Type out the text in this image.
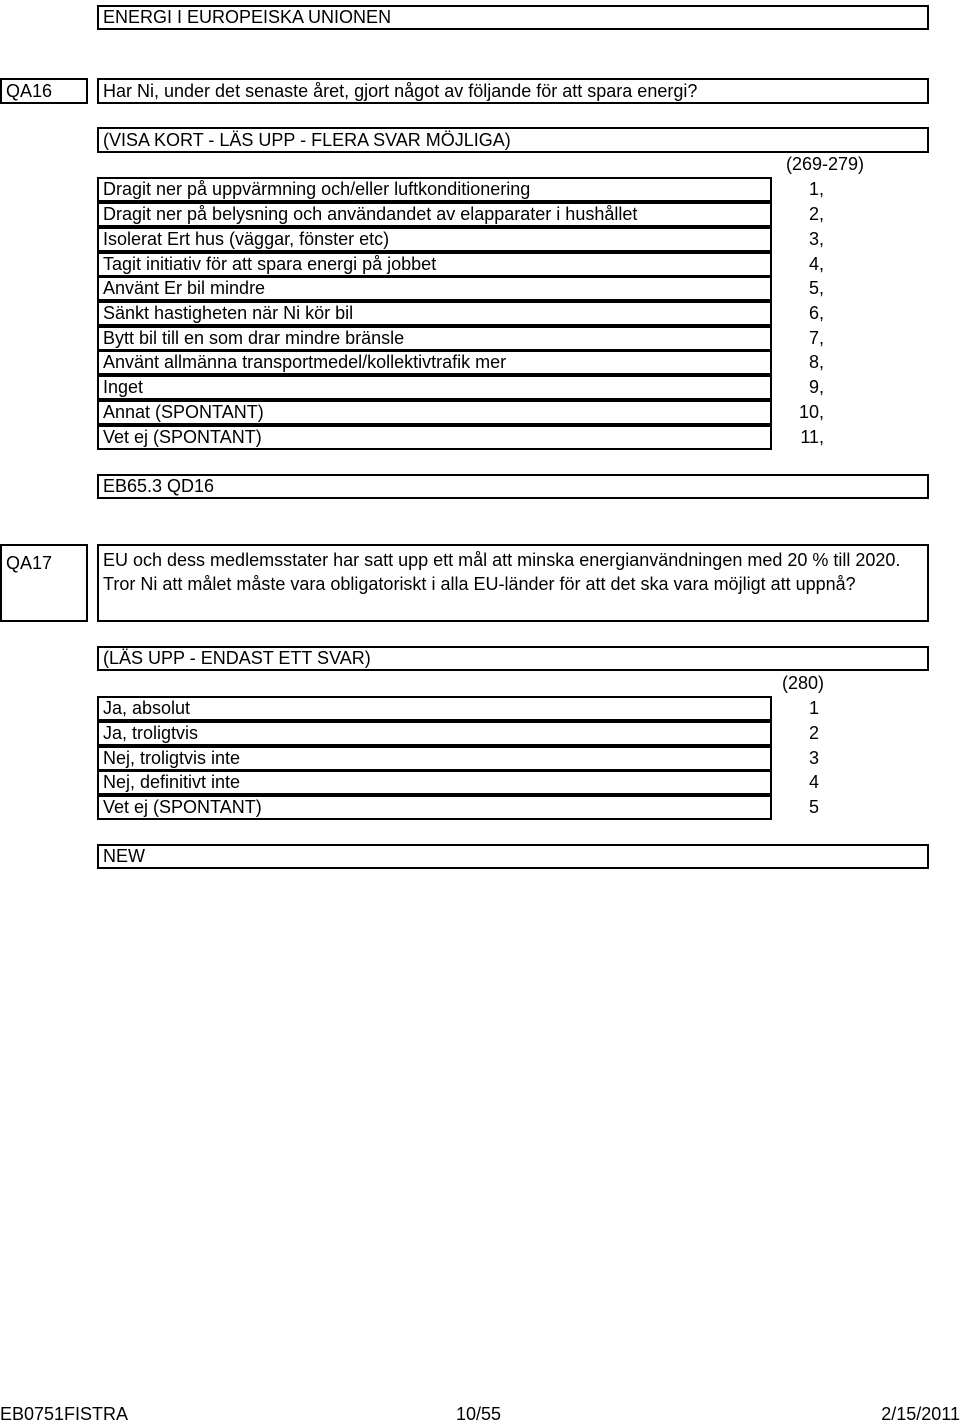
ENERGI I EUROPEISKA UNIONEN
QA16	Har Ni, under det senaste året, gjort något av följande för att spara energi?
(VISA KORT - LÄS UPP - FLERA SVAR MÖJLIGA)
(269-279)
Dragit ner på uppvärmning och/eller luftkonditionering	1,
Dragit ner på belysning och användandet av elapparater i hushållet	2,
Isolerat Ert hus (väggar, fönster etc)	3,
Tagit initiativ för att spara energi på jobbet	4,
Använt Er bil mindre	5,
Sänkt hastigheten när Ni kör bil	6,
Bytt bil till en som drar mindre bränsle	7,
Använt allmänna transportmedel/kollektivtrafik mer	8,
Inget	9,
Annat (SPONTANT)	10,
Vet ej (SPONTANT)	11,
EB65.3 QD16
QA17	EU och dess medlemsstater har satt upp ett mål att minska energianvändningen med 20 % till 2020. Tror Ni att målet måste vara obligatoriskt i alla EU-länder för att det ska vara möjligt att uppnå?
(LÄS UPP - ENDAST ETT SVAR)
(280)
Ja, absolut	1
Ja, troligtvis	2
Nej, troligtvis inte	3
Nej, definitivt inte	4
Vet ej (SPONTANT)	5
NEW
EB0751FISTRA	10/55	2/15/2011
